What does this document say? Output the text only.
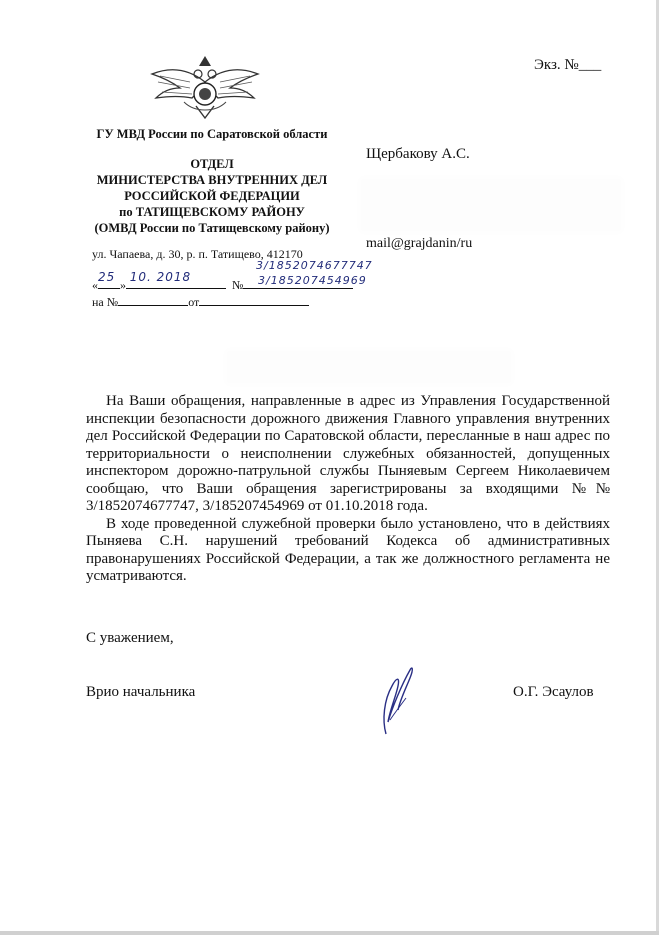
Экз. №___
ГУ МВД России по Саратовской области
ОТДЕЛ
МИНИСТЕРСТВА ВНУТРЕННИХ ДЕЛ
РОССИЙСКОЙ ФЕДЕРАЦИИ
по ТАТИЩЕВСКОМУ РАЙОНУ
(ОМВД России по Татищевскому району)
ул. Чапаева, д. 30, р. п. Татищево, 412170
« »	№
25 10. 2018
3/185207467​7747
3/185207454969
на №	от
Щербакову А.С.
mail@grajdanin/ru

На Ваши обращения, направленные в адрес из Управления Государственной инспекции безопасности дорожного движения Главного управления внутренних дел Российской Федерации по Саратовской области, пересланные в наш адрес по территориальности о неисполнении служебных обязанностей, допущенных инспектором дорожно-патрульной службы Пыняевым Сергеем Николаевичем сообщаю, что Ваши обращения зарегистрированы за входящими №№ 3/1852074677747, 3/185207454969 от 01.10.2018 года.

В ходе проведенной служебной проверки было установлено, что в действиях Пыняева С.Н. нарушений требований Кодекса об административных правонарушениях Российской Федерации, а так же должностного регламента не усматриваются.

С уважением,
Врио начальника	О.Г. Эсаулов
